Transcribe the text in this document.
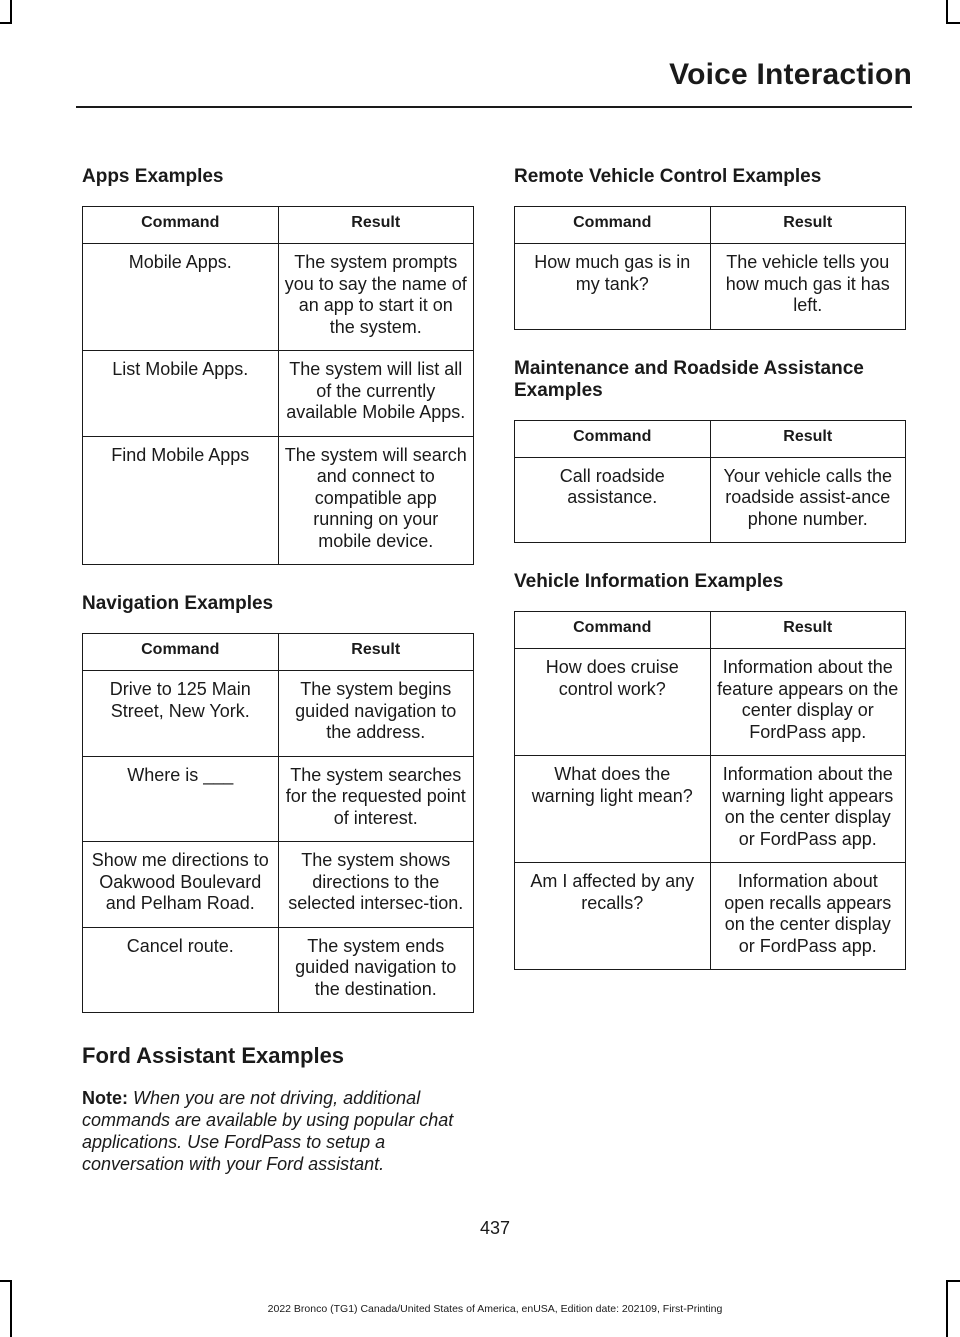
Voice Interaction
Apps Examples
Command	Result
Mobile Apps.	The system prompts you to say the name of an app to start it on the system.
List Mobile Apps.	The system will list all of the currently available Mobile Apps.
Find Mobile Apps	The system will search and connect to compatible app running on your mobile device.
Navigation Examples
Command	Result
Drive to 125 Main Street, New York.	The system begins guided navigation to the address.
Where is ___	The system searches for the requested point of interest.
Show me directions to Oakwood Boulevard and Pelham Road.	The system shows directions to the selected intersec-tion.
Cancel route.	The system ends guided navigation to the destination.
Ford Assistant Examples

Note: When you are not driving, additional commands are available by using popular chat applications. Use FordPass to setup a conversation with your Ford assistant.

Remote Vehicle Control Examples
Command	Result
How much gas is in my tank?	The vehicle tells you how much gas it has left.
Maintenance and Roadside Assistance Examples
Command	Result
Call roadside assistance.	Your vehicle calls the roadside assist-ance phone number.
Vehicle Information Examples
Command	Result
How does cruise control work?	Information about the feature appears on the center display or FordPass app.
What does the warning light mean?	Information about the warning light appears on the center display or FordPass app.
Am I affected by any recalls?	Information about open recalls appears on the center display or FordPass app.
437
2022 Bronco (TG1) Canada/United States of America, enUSA, Edition date: 202109, First-Printing
